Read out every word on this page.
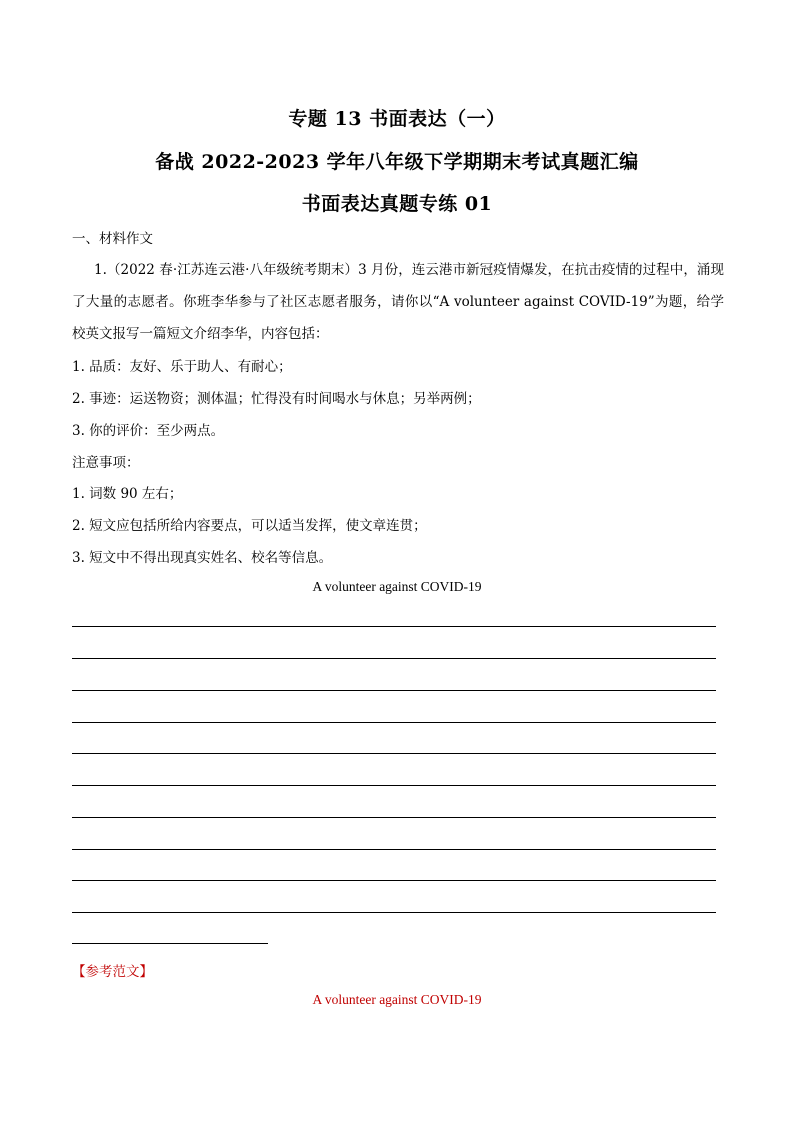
专题 13 书面表达（一）
备战 2022-2023 学年八年级下学期期末考试真题汇编
书面表达真题专练 01
一、材料作文
1.（2022 春·江苏连云港·八年级统考期末）3 月份，连云港市新冠疫情爆发，在抗击疫情的过程中，涌现了大量的志愿者。你班李华参与了社区志愿者服务，请你以“A volunteer against COVID-19”为题，给学校英文报写一篇短文介绍李华，内容包括：
1. 品质：友好、乐于助人、有耐心；
2. 事迹：运送物资；测体温；忙得没有时间喝水与休息；另举两例；
3. 你的评价：至少两点。
注意事项：
1. 词数 90 左右；
2. 短文应包括所给内容要点，可以适当发挥，使文章连贯；
3. 短文中不得出现真实姓名、校名等信息。
A volunteer against COVID-19
【参考范文】
A volunteer against COVID-19
